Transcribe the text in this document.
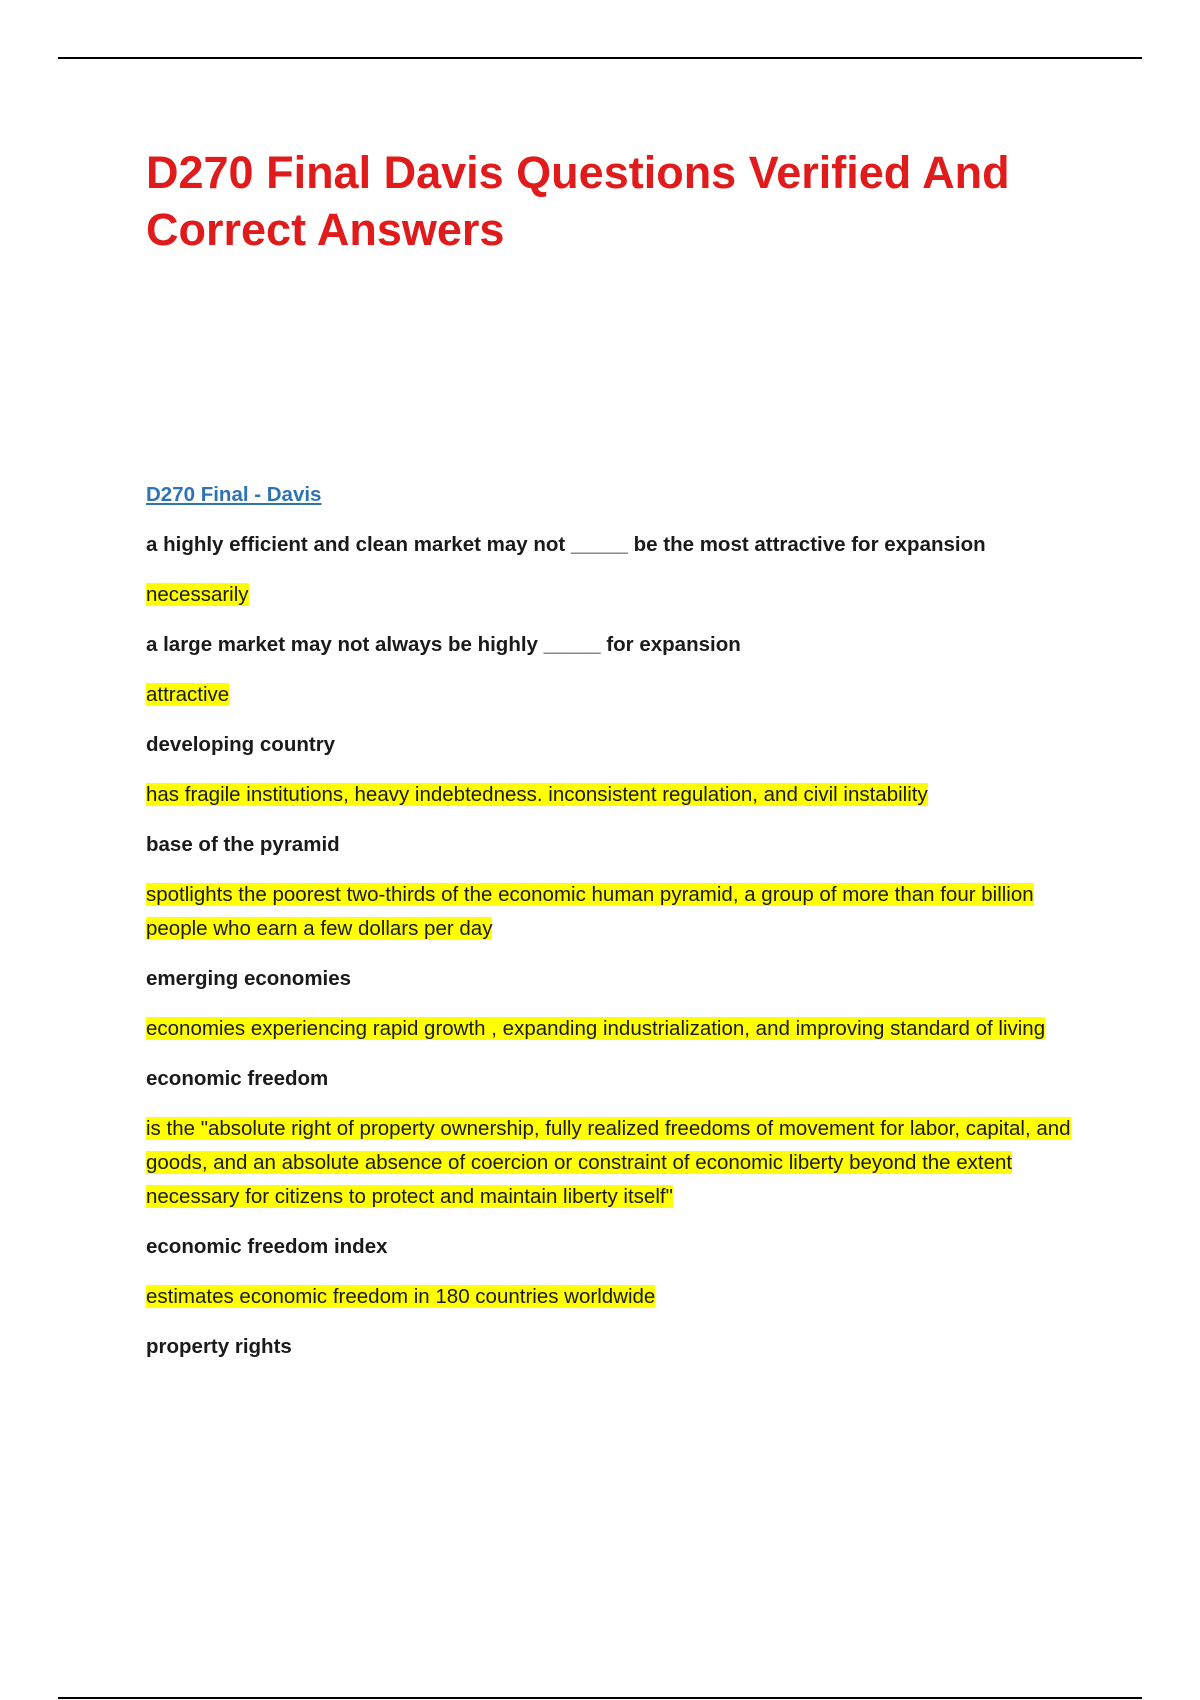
D270 Final Davis Questions Verified And Correct Answers
D270 Final - Davis

a highly efficient and clean market may not _____ be the most attractive for expansion

necessarily

a large market may not always be highly _____ for expansion

attractive

developing country

has fragile institutions, heavy indebtedness. inconsistent regulation, and civil instability

base of the pyramid

spotlights the poorest two-thirds of the economic human pyramid, a group of more than four billion people who earn a few dollars per day

emerging economies

economies experiencing rapid growth , expanding industrialization, and improving standard of living

economic freedom

is the "absolute right of property ownership, fully realized freedoms of movement for labor, capital, and goods, and an absolute absence of coercion or constraint of economic liberty beyond the extent necessary for citizens to protect and maintain liberty itself"

economic freedom index

estimates economic freedom in 180 countries worldwide

property rights
